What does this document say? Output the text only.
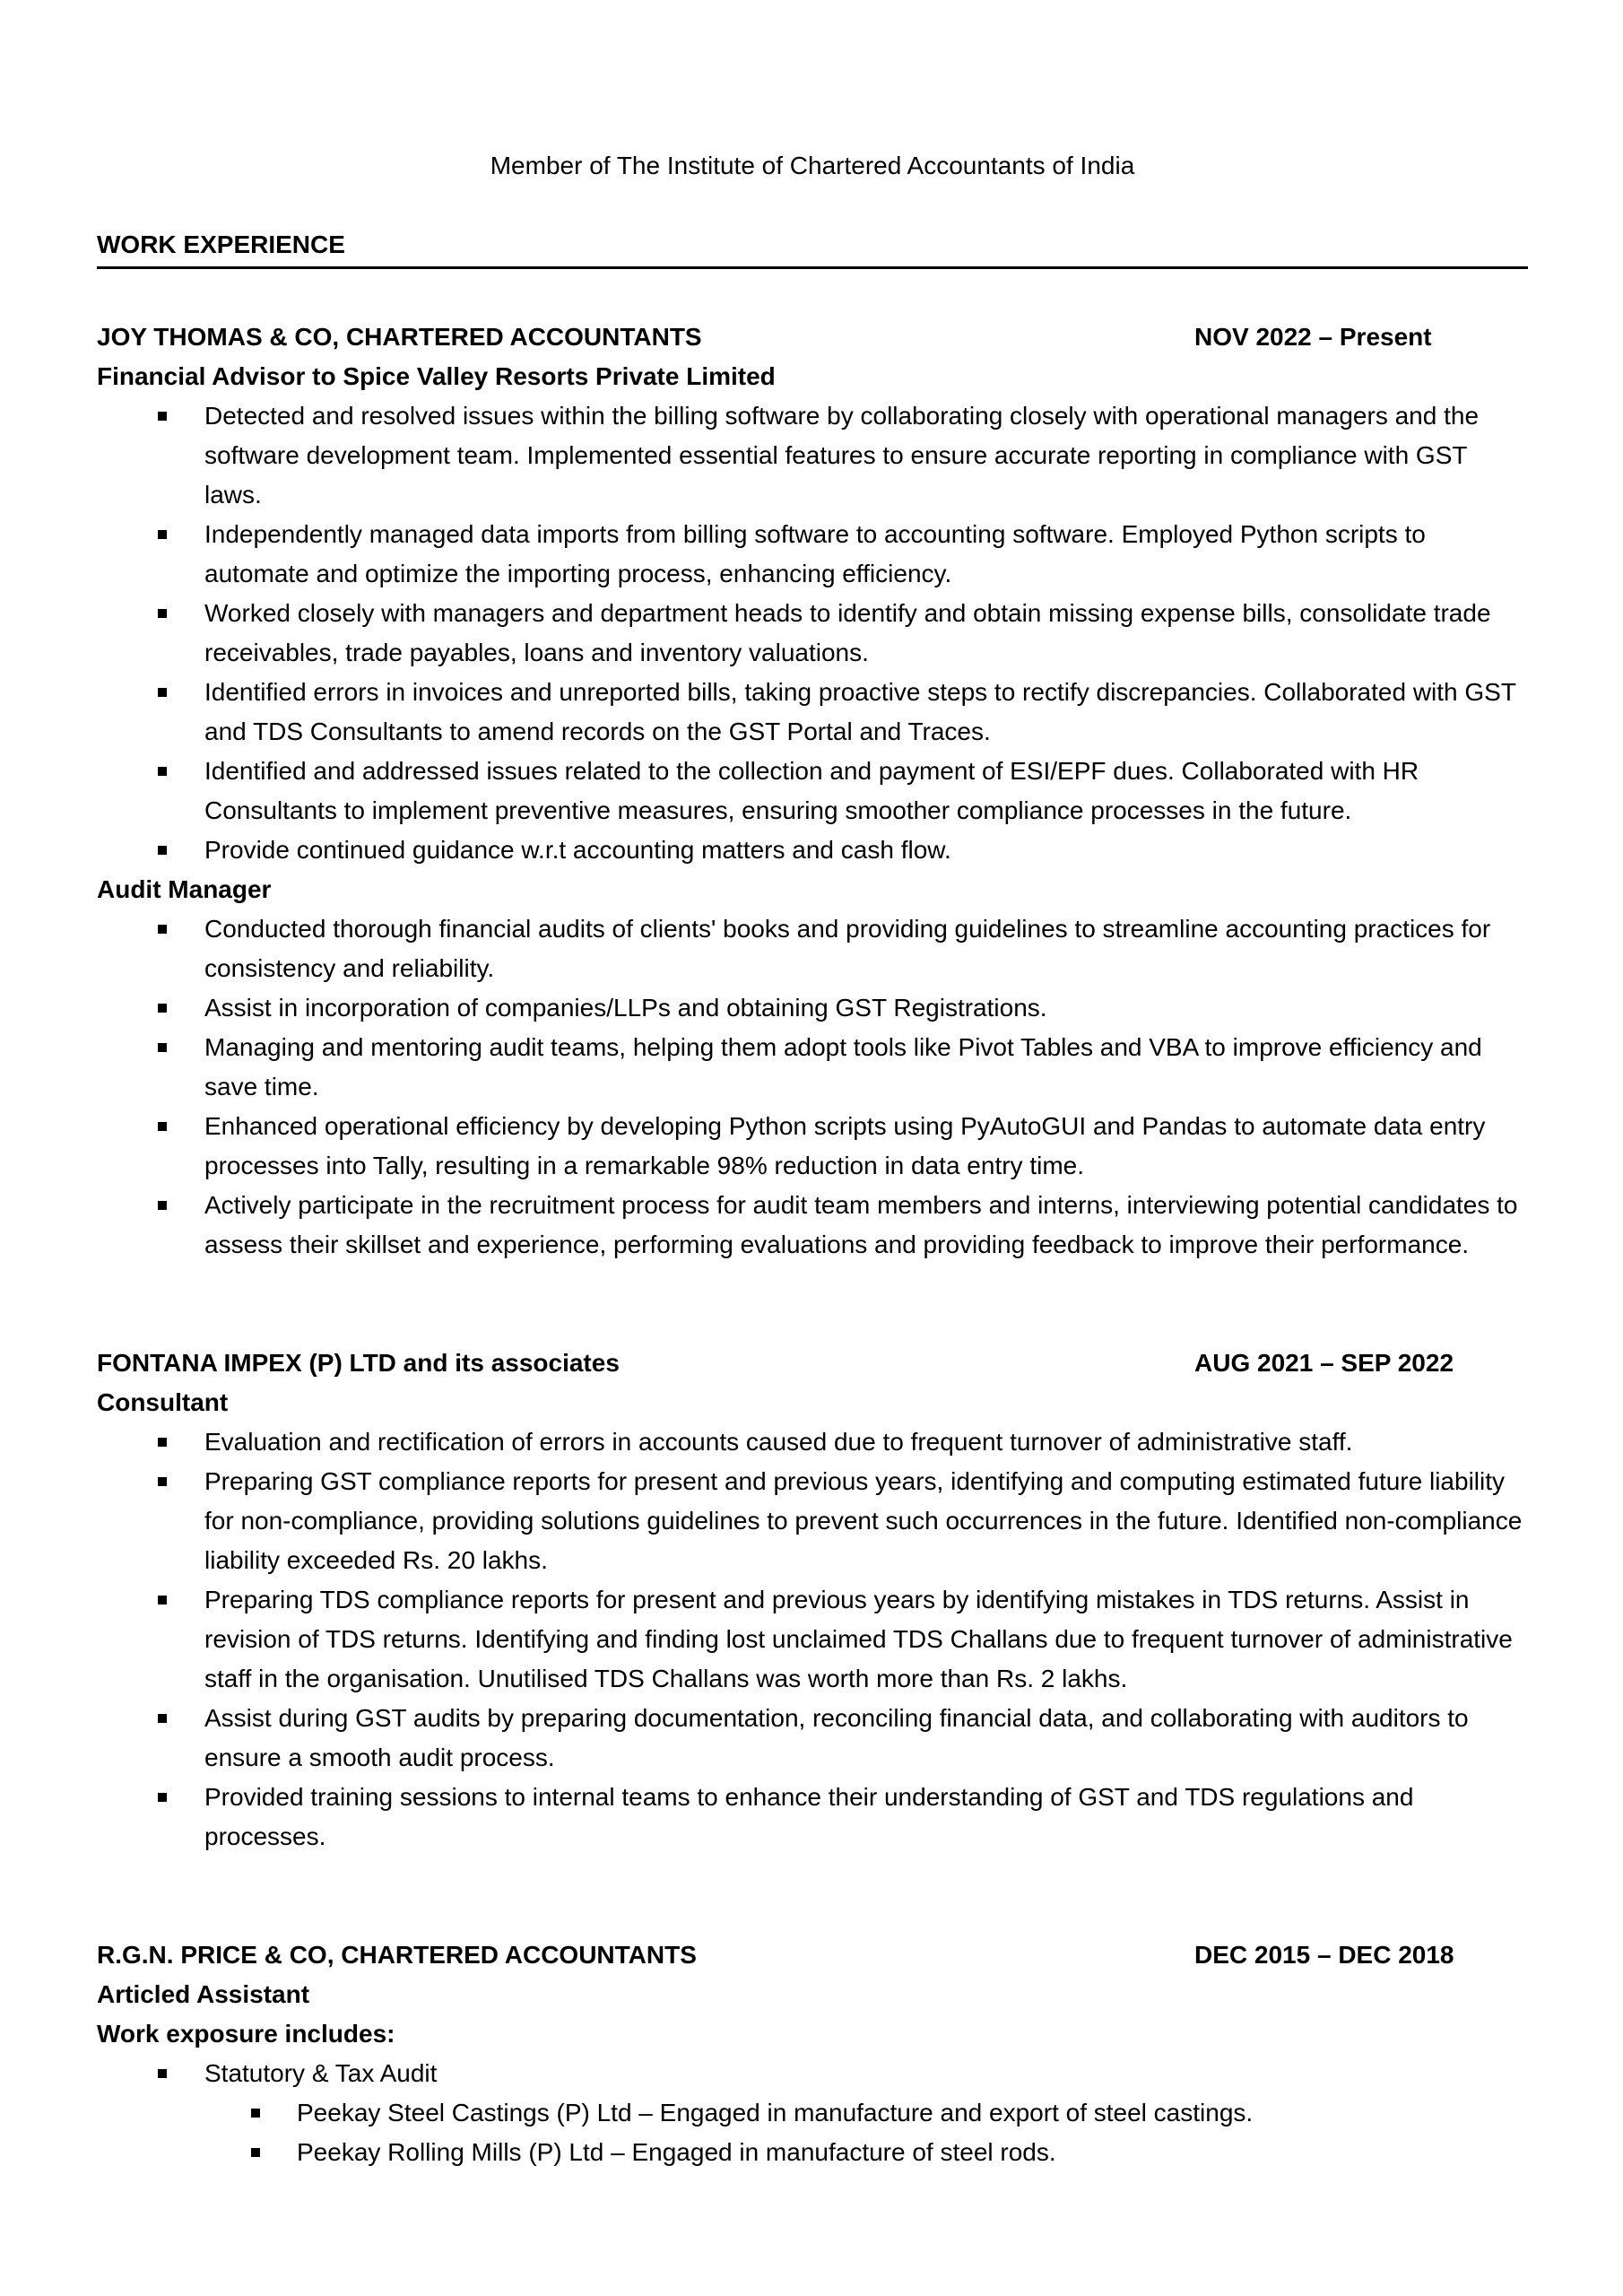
Member of The Institute of Chartered Accountants of India
WORK EXPERIENCE
JOY THOMAS & CO, CHARTERED ACCOUNTANTS	NOV 2022 – Present
Financial Advisor to Spice Valley Resorts Private Limited
Detected and resolved issues within the billing software by collaborating closely with operational managers and the software development team. Implemented essential features to ensure accurate reporting in compliance with GST laws.
Independently managed data imports from billing software to accounting software. Employed Python scripts to automate and optimize the importing process, enhancing efficiency.
Worked closely with managers and department heads to identify and obtain missing expense bills, consolidate trade receivables, trade payables, loans and inventory valuations.
Identified errors in invoices and unreported bills, taking proactive steps to rectify discrepancies. Collaborated with GST and TDS Consultants to amend records on the GST Portal and Traces.
Identified and addressed issues related to the collection and payment of ESI/EPF dues. Collaborated with HR Consultants to implement preventive measures, ensuring smoother compliance processes in the future.
Provide continued guidance w.r.t accounting matters and cash flow.
Audit Manager
Conducted thorough financial audits of clients' books and providing guidelines to streamline accounting practices for consistency and reliability.
Assist in incorporation of companies/LLPs and obtaining GST Registrations.
Managing and mentoring audit teams, helping them adopt tools like Pivot Tables and VBA to improve efficiency and save time.
Enhanced operational efficiency by developing Python scripts using PyAutoGUI and Pandas to automate data entry processes into Tally, resulting in a remarkable 98% reduction in data entry time.
Actively participate in the recruitment process for audit team members and interns, interviewing potential candidates to assess their skillset and experience, performing evaluations and providing feedback to improve their performance.
FONTANA IMPEX (P) LTD and its associates	AUG 2021 – SEP 2022
Consultant
Evaluation and rectification of errors in accounts caused due to frequent turnover of administrative staff.
Preparing GST compliance reports for present and previous years, identifying and computing estimated future liability for non-compliance, providing solutions guidelines to prevent such occurrences in the future. Identified non-compliance liability exceeded Rs. 20 lakhs.
Preparing TDS compliance reports for present and previous years by identifying mistakes in TDS returns. Assist in revision of TDS returns. Identifying and finding lost unclaimed TDS Challans due to frequent turnover of administrative staff in the organisation. Unutilised TDS Challans was worth more than Rs. 2 lakhs.
Assist during GST audits by preparing documentation, reconciling financial data, and collaborating with auditors to ensure a smooth audit process.
Provided training sessions to internal teams to enhance their understanding of GST and TDS regulations and processes.
R.G.N. PRICE & CO, CHARTERED ACCOUNTANTS	DEC 2015 – DEC 2018
Articled Assistant
Work exposure includes:
Statutory & Tax Audit
Peekay Steel Castings (P) Ltd – Engaged in manufacture and export of steel castings.
Peekay Rolling Mills (P) Ltd – Engaged in manufacture of steel rods.
